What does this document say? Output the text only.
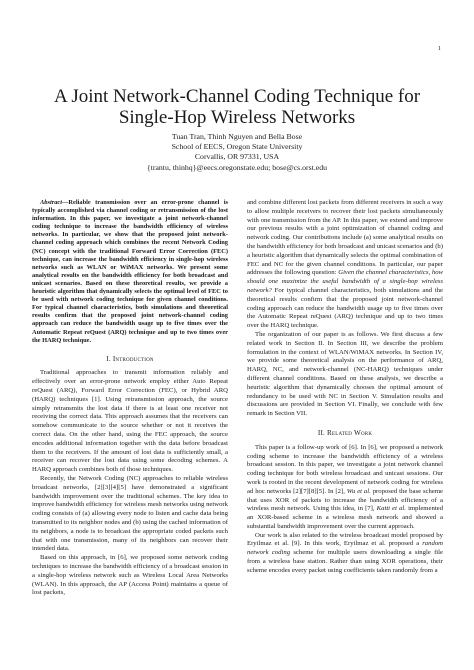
1
A Joint Network-Channel Coding Technique for Single-Hop Wireless Networks
Tuan Tran, Thinh Nguyen and Bella Bose
School of EECS, Oregon State University
Corvallis, OR 97331, USA
{trantu, thinhq}@eecs.oregonstate.edu; bose@cs.orst.edu

Abstract—Reliable transmission over an error-prone channel is typically accomplished via channel coding or retransmission of the lost information. In this paper, we investigate a joint network-channel coding technique to increase the bandwidth efficiency of wireless networks. In particular, we show that the proposed joint network-channel coding approach which combines the recent Network Coding (NC) concept with the traditional Forward Error Correction (FEC) technique, can increase the bandwidth efficiency in single-hop wireless networks such as WLAN or WiMAX networks. We present some analytical results on the bandwidth efficiency for both broadcast and unicast scenarios. Based on these theoretical results, we provide a heuristic algorithm that dynamically selects the optimal level of FEC to be used with network coding technique for given channel conditions. For typical channel characteristics, both simulations and theoretical results confirm that the proposed joint network-channel coding approach can reduce the bandwidth usage up to five times over the Automatic Repeat reQuest (ARQ) technique and up to two times over the HARQ technique.

I. Introduction

Traditional approaches to transmit information reliably and effectively over an error-prone network employ either Auto Repeat reQuest (ARQ), Forward Error Correction (FEC), or Hybrid ARQ (HARQ) techniques [1]. Using retransmission approach, the source simply retransmits the lost data if there is at least one receiver not receiving the correct data. This approach assumes that the receivers can somehow communicate to the source whether or not it receives the correct data. On the other hand, using the FEC approach, the source encodes additional information together with the data before broadcast them to the receivers. If the amount of lost data is sufficiently small, a receiver can recover the lost data using some decoding schemes. A HARQ approach combines both of those techniques.

Recently, the Network Coding (NC) approaches to reliable wireless broadcast networks, [2][3][4][5] have demonstrated a significant bandwidth improvement over the traditional schemes. The key idea to improve bandwidth efficiency for wireless mesh networks using network coding consists of (a) allowing every node to listen and cache data being transmitted to its neighbor nodes and (b) using the cached information of its neighbors, a node is to broadcast the appropriate coded packets such that with one transmission, many of its neighbors can recover their intended data.

Based on this approach, in [6], we proposed some network coding techniques to increase the bandwidth efficiency of a broadcast session in a single-hop wireless network such as Wireless Local Area Networks (WLAN). In this approach, the AP (Access Point) maintains a queue of lost packets,

and combine different lost packets from different receivers in such a way to allow multiple receivers to recover their lost packets simultaneously with one transmission from the AP. In this paper, we extend and improve our previous results with a joint optimization of channel coding and network coding. Our contributions include (a) some analytical results on the bandwidth efficiency for both broadcast and unicast scenarios and (b) a heuristic algorithm that dynamically selects the optimal combination of FEC and NC for the given channel conditions. In particular, our paper addresses the following question: Given the channel characteristics, how should one maximize the useful bandwidth of a single-hop wireless network? For typical channel characteristics, both simulations and the theoretical results confirm that the proposed joint network-channel coding approach can reduce the bandwidth usage up to five times over the Automatic Repeat reQuest (ARQ) technique and up to two times over the HARQ technique.

The organization of our paper is as follows. We first discuss a few related work in Section II. In Section III, we describe the problem formulation in the context of WLAN/WiMAX networks. In Section IV, we provide some theoretical analysis on the performance of ARQ, HARQ, NC, and network-channel (NC-HARQ) techniques under different channel conditions. Based on these analysis, we describe a heuristic algorithm that dynamically chooses the optimal amount of redundancy to be used with NC in Section V. Simulation results and discussions are provided in Section VI. Finally, we conclude with few remark in Section VII.

II. Related Work

This paper is a follow-up work of [6]. In [6], we proposed a network coding scheme to increase the bandwidth efficiency of a wireless broadcast session. In this paper, we investigate a joint network channel coding technique for both wireless broadcast and unicast sessions. Our work is rooted in the recent development of network coding for wireless ad hoc networks [2][7][8][5]. In [2], Wu et al. proposed the base scheme that uses XOR of packets to increase the bandwidth efficiency of a wireless mesh network. Using this idea, in [7], Katti et al. implemented an XOR-based scheme in a wireless mesh network and showed a substantial bandwidth improvement over the current approach.

Our work is also related to the wireless broadcast model proposed by Eryilmaz et al. [9]. In this work, Eryilmaz et al. proposed a random network coding scheme for multiple users downloading a single file from a wireless base station. Rather than using XOR operations, their scheme encodes every packet using coefficients taken randomly from a
